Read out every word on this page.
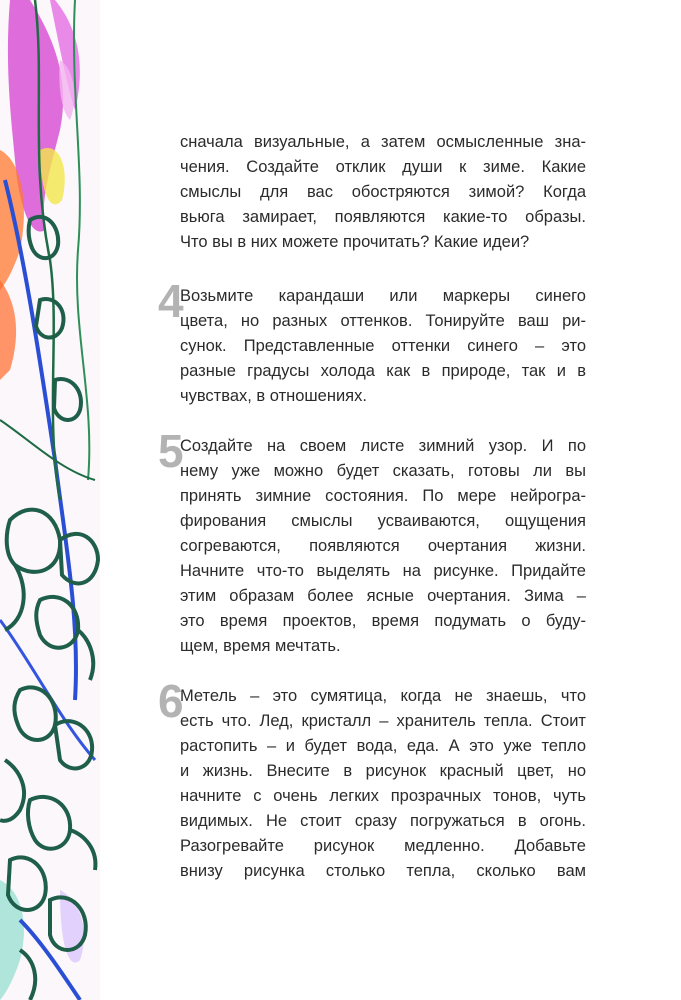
сначала визуальные, а затем осмысленные зна-
чения. Создайте отклик души к зиме. Какие
смыслы для вас обостряются зимой? Когда
вьюга замирает, появляются какие-то образы.
Что вы в них можете прочитать? Какие идеи?
4
Возьмите карандаши или маркеры синего
цвета, но разных оттенков. Тонируйте ваш ри-
сунок. Представленные оттенки синего – это
разные градусы холода как в природе, так и в
чувствах, в отношениях.
5
Создайте на своем листе зимний узор. И по
нему уже можно будет сказать, готовы ли вы
принять зимние состояния. По мере нейрогра-
фирования смыслы усваиваются, ощущения
согреваются, появляются очертания жизни.
Начните что-то выделять на рисунке. Придайте
этим образам более ясные очертания. Зима –
это время проектов, время подумать о буду-
щем, время мечтать.
6
Метель – это сумятица, когда не знаешь, что
есть что. Лед, кристалл – хранитель тепла. Стоит
растопить – и будет вода, еда. А это уже тепло
и жизнь. Внесите в рисунок красный цвет, но
начните с очень легких прозрачных тонов, чуть
видимых. Не стоит сразу погружаться в огонь.
Разогревайте рисунок медленно. Добавьте
внизу рисунка столько тепла, сколько вам
